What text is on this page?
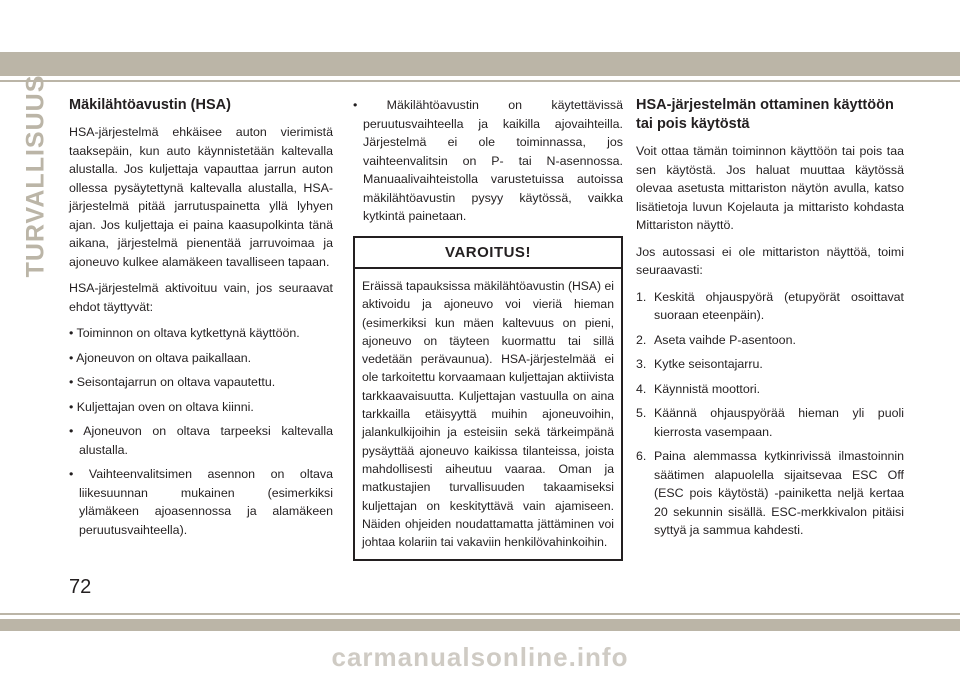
TURVALLISUUS Mäkilähtöavustin (HSA)

HSA-järjestelmä ehkäisee auton vierimistä taaksepäin, kun auto käynnistetään kaltevalla alustalla. Jos kuljettaja vapauttaa jarrun auton ollessa pysäytettynä kaltevalla alustalla, HSA-järjestelmä pitää jarrutuspainetta yllä lyhyen ajan. Jos kuljettaja ei paina kaasupolkinta tänä aikana, järjestelmä pienentää jarruvoimaa ja ajoneuvo kulkee alamäkeen tavalliseen tapaan.

HSA-järjestelmä aktivoituu vain, jos seuraavat ehdot täyttyvät:

• Toiminnon on oltava kytkettynä käyttöön.
• Ajoneuvon on oltava paikallaan.
• Seisontajarrun on oltava vapautettu.
• Kuljettajan oven on oltava kiinni.
• Ajoneuvon on oltava tarpeeksi kaltevalla alustalla.
• Vaihteenvalitsimen asennon on oltava liikesuunnan mukainen (esimerkiksi ylämäkeen ajoasennossa ja alamäkeen peruutusvaihteella).
• Mäkilähtöavustin on käytettävissä peruutusvaihteella ja kaikilla ajovaihteilla. Järjestelmä ei ole toiminnassa, jos vaihteenvalitsin on P- tai N-asennossa. Manuaalivaihteistolla varustetuissa autoissa mäkilähtöavustin pysyy käytössä, vaikka kytkintä painetaan.
VAROITUS!
Eräissä tapauksissa mäkilähtöavustin (HSA) ei aktivoidu ja ajoneuvo voi vieriä hieman (esimerkiksi kun mäen kaltevuus on pieni, ajoneuvo on täyteen kuormattu tai sillä vedetään perävaunua). HSA-järjestelmää ei ole tarkoitettu korvaamaan kuljettajan aktiivista tarkkaavaisuutta. Kuljettajan vastuulla on aina tarkkailla etäisyyttä muihin ajoneuvoihin, jalankulkijoihin ja esteisiin sekä tärkeimpänä pysäyttää ajoneuvo kaikissa tilanteissa, joista mahdollisesti aiheutuu vaaraa. Oman ja matkustajien turvallisuuden takaamiseksi kuljettajan on keskityttävä vain ajamiseen. Näiden ohjeiden noudattamatta jättäminen voi johtaa kolariin tai vakaviin henkilövahinkoihin.
HSA-järjestelmän ottaminen käyttöön tai pois käytöstä

Voit ottaa tämän toiminnon käyttöön tai pois taa sen käytöstä. Jos haluat muuttaa käytössä olevaa asetusta mittariston näytön avulla, katso lisätietoja luvun Kojelauta ja mittaristo kohdasta Mittariston näyttö.

Jos autossasi ei ole mittariston näyttöä, toimi seuraavasti:

1. Keskitä ohjauspyörä (etupyörät osoittavat suoraan eteenpäin).
2. Aseta vaihde P-asentoon.
3. Kytke seisontajarru.
4. Käynnistä moottori.
5. Käännä ohjauspyörää hieman yli puoli kierrosta vasempaan.
6. Paina alemmassa kytkinrivissä ilmastoinnin säätimen alapuolella sijaitsevaa ESC Off (ESC pois käytöstä) -painiketta neljä kertaa 20 sekunnin sisällä. ESC-merkkivalon pitäisi syttyä ja sammua kahdesti.
72
carmanualsonline.info
